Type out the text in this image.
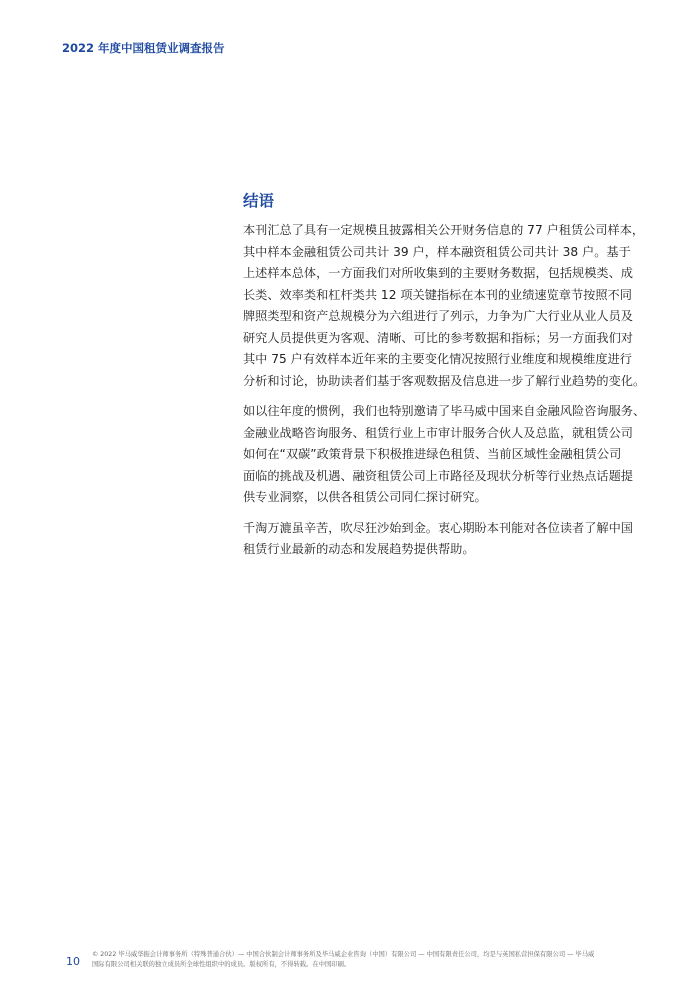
2022 年度中国租赁业调查报告
结语

本刊汇总了具有一定规模且披露相关公开财务信息的 77 户租赁公司样本，
其中样本金融租赁公司共计 39 户，样本融资租赁公司共计 38 户。基于
上述样本总体，一方面我们对所收集到的主要财务数据，包括规模类、成
长类、效率类和杠杆类共 12 项关键指标在本刊的业绩速览章节按照不同
牌照类型和资产总规模分为六组进行了列示，力争为广大行业从业人员及
研究人员提供更为客观、清晰、可比的参考数据和指标；另一方面我们对
其中 75 户有效样本近年来的主要变化情况按照行业维度和规模维度进行
分析和讨论，协助读者们基于客观数据及信息进一步了解行业趋势的变化。

如以往年度的惯例，我们也特别邀请了毕马威中国来自金融风险咨询服务、
金融业战略咨询服务、租赁行业上市审计服务合伙人及总监，就租赁公司
如何在“双碳”政策背景下积极推进绿色租赁、当前区域性金融租赁公司
面临的挑战及机遇、融资租赁公司上市路径及现状分析等行业热点话题提
供专业洞察，以供各租赁公司同仁探讨研究。

千淘万漉虽辛苦，吹尽狂沙始到金。衷心期盼本刊能对各位读者了解中国
租赁行业最新的动态和发展趋势提供帮助。

10
© 2022 毕马威华振会计师事务所（特殊普通合伙）— 中国合伙制会计师事务所及毕马威企业咨询（中国）有限公司 — 中国有限责任公司，均是与英国私营担保有限公司 — 毕马威
国际有限公司相关联的独立成员所全球性组织中的成员。版权所有，不得转载。在中国印刷。
